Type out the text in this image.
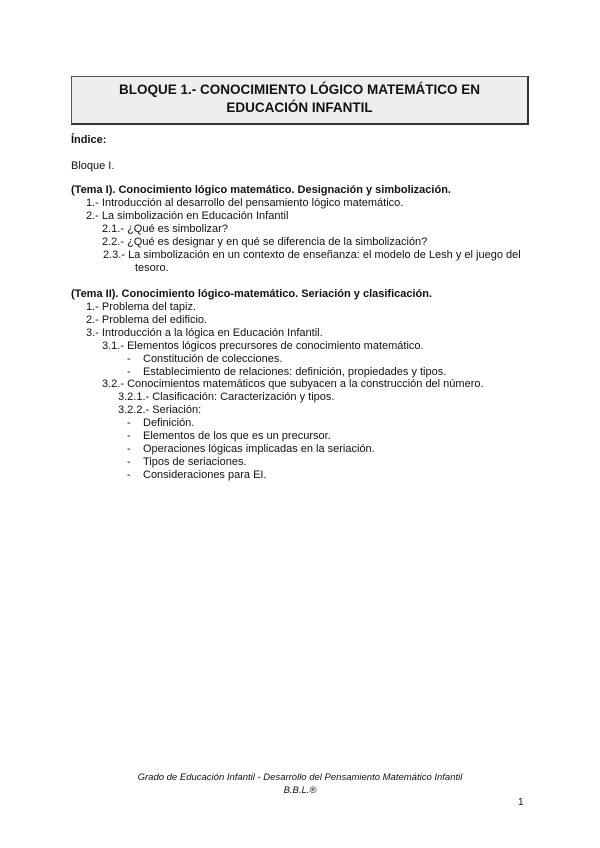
BLOQUE 1.- CONOCIMIENTO LÓGICO MATEMÁTICO EN
EDUCACIÓN INFANTIL
Índice:
Bloque I.
(Tema I). Conocimiento lógico matemático. Designación y simbolización.
1.- Introducción al desarrollo del pensamiento lógico matemático.
2.- La simbolización en Educación Infantil
2.1.- ¿Qué es simbolizar?
2.2.- ¿Qué es designar y en qué se diferencia de la simbolización?
2.3.- La simbolización en un contexto de enseñanza: el modelo de Lesh y el juego del
tesoro.
(Tema II). Conocimiento lógico-matemático. Seriación y clasificación.
1.- Problema del tapiz.
2.- Problema del edificio.
3.- Introducción a la lógica en Educación Infantil.
3.1.- Elementos lógicos precursores de conocimiento matemático.
- Constitución de colecciones.
- Establecimiento de relaciones: definición, propiedades y tipos.
3.2.- Conocimientos matemáticos que subyacen a la construcción del número.
3.2.1.- Clasificación: Caracterización y tipos.
3.2.2.- Seriación:
- Definición.
- Elementos de los que es un precursor.
- Operaciones lógicas implicadas en la seriación.
- Tipos de seriaciones.
- Consideraciones para EI.
Grado de Educación Infantil - Desarrollo del Pensamiento Matemático Infantil
B.B.L.®
1
